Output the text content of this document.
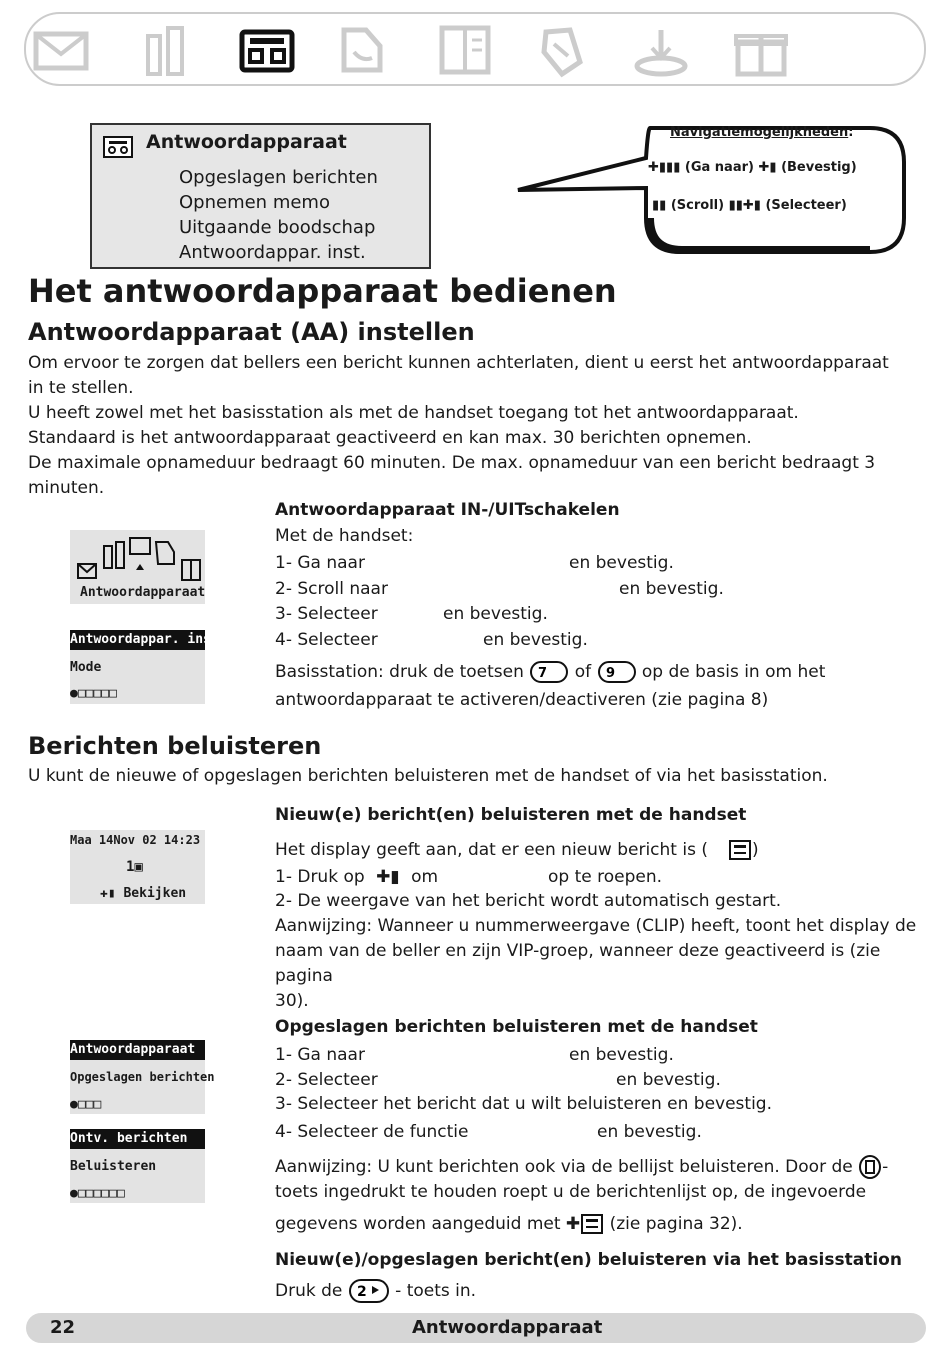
Antwoordapparaat
Opgeslagen berichten
Opnemen memo
Uitgaande boodschap
Antwoordappar. inst.
Navigatiemogelijkheden:
✚▮▮▮ (Ga naar) ✚▮ (Bevestig)
▮▮ (Scroll) ▮▮✚▮ (Selecteer)
Het antwoordapparaat bedienen
Antwoordapparaat (AA) instellen
Om ervoor te zorgen dat bellers een bericht kunnen achterlaten, dient u eerst het antwoordapparaat
in te stellen.
U heeft zowel met het basisstation als met de handset toegang tot het antwoordapparaat.
Standaard is het antwoordapparaat geactiveerd en kan max. 30 berichten opnemen.
De maximale opnameduur bedraagt 60 minuten. De max. opnameduur van een bericht bedraagt 3
minuten.
Antwoordapparaat
Antwoordappar. inst.
Mode
●□□□□□
Antwoordapparaat IN-/UITschakelen
Met de handset:
1- Ga naar	en bevestig.
2- Scroll naar	en bevestig.
3- Selecteer	en bevestig.
4- Selecteer	en bevestig.
Basisstation: druk de toetsen 7 of 9 op de basis in om het
antwoordapparaat te activeren/deactiveren (zie pagina 8)
Berichten beluisteren
U kunt de nieuwe of opgeslagen berichten beluisteren met de handset of via het basisstation.
Nieuw(e) bericht(en) beluisteren met de handset
Maa 14Nov 02 14:23
1▣
✚▮ Bekijken
Het display geeft aan, dat er een nieuw bericht is (	)
1- Druk op ✚▮ om	op te roepen.
2- De weergave van het bericht wordt automatisch gestart.
Aanwijzing: Wanneer u nummerweergave (CLIP) heeft, toont het display de
naam van de beller en zijn VIP-groep, wanneer deze geactiveerd is (zie pagina
30).
Opgeslagen berichten beluisteren met de handset
Antwoordapparaat
Opgeslagen berichten
●□□□
Ontv. berichten
Beluisteren
●□□□□□□
1- Ga naar	en bevestig.
2- Selecteer	en bevestig.
3- Selecteer het bericht dat u wilt beluisteren en bevestig.
4- Selecteer de functie	en bevestig.
Aanwijzing: U kunt berichten ook via de bellijst beluisteren. Door de -
toets ingedrukt te houden roept u de berichtenlijst op, de ingevoerde
gegevens worden aangeduid met ✚ (zie pagina 32).
Nieuw(e)/opgeslagen bericht(en) beluisteren via het basisstation
Druk de 2 - toets in.
22	Antwoordapparaat
